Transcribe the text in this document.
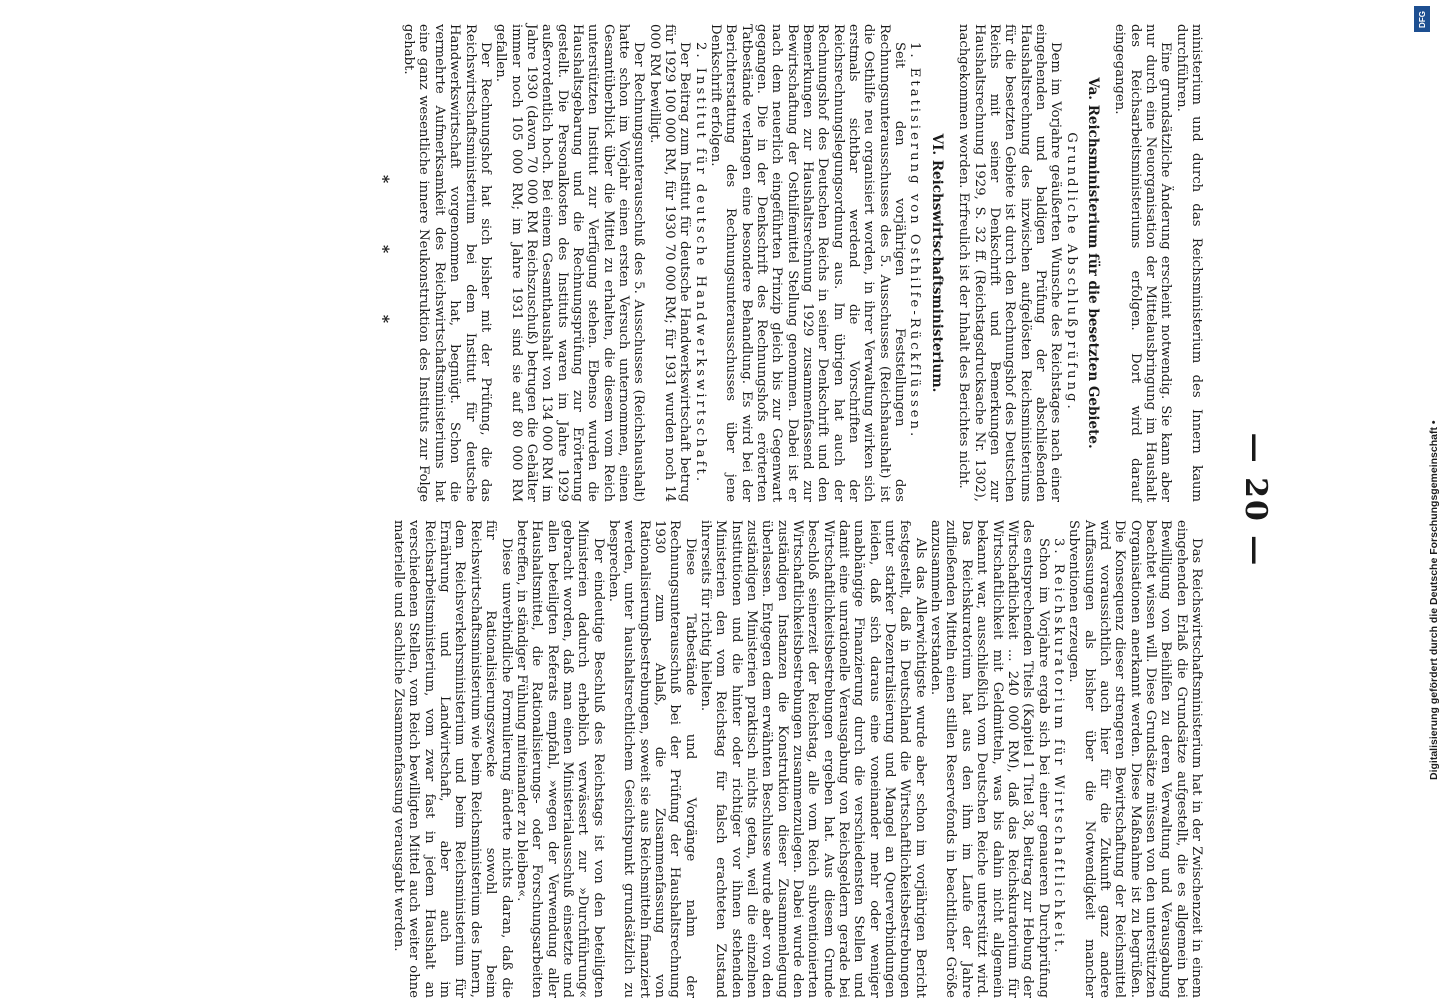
— 20 —

ministerium und durch das Reichsministerium des Innern kaum durchführen.

Eine grundsätzliche Änderung erscheint notwendig. Sie kann aber nur durch eine Neuorganisation der Mittelausbringung im Haushalt des Reichsarbeitsministeriums erfolgen. Dort wird darauf eingegangen.

Va. Reichsministerium für die besetzten Gebiete.

Grundliche Abschlußprüfung.

Dem im Vorjahre geäußerten Wunsche des Reichstages nach einer eingehenden und baldigen Prüfung der abschließenden Haushaltsrechnung des inzwischen aufgelösten Reichsministeriums für die besetzten Gebiete ist durch den Rechnungshof des Deutschen Reichs mit seiner Denkschrift und Bemerkungen zur Haushaltsrechnung 1929, S. 32 ff. (Reichstagsdrucksache Nr. 1302), nachgekommen worden. Erfreulich ist der Inhalt des Berichtes nicht.

VI. Reichswirtschaftsministerium.

1. Etatisierung von Osthilfe-Rückflüssen.

Seit den vorjährigen Feststellungen des Rechnungsunterausschusses des 5. Ausschusses (Reichshaushalt) ist die Osthilfe neu organisiert worden, in ihrer Verwaltung wirken sich erstmals sichtbar werdend die Vorschriften der Reichsrechnungslegungsordnung aus. Im übrigen hat auch der Rechnungshof des Deutschen Reichs in seiner Denkschrift und den Bemerkungen zur Haushaltsrechnung 1929 zusammenfassend zur Bewirtschaftung der Osthilfemittel Stellung genommen. Dabei ist er nach dem neuerlich eingeführten Prinzip gleich bis zur Gegenwart gegangen. Die in der Denkschrift des Rechnungshofs erörterten Tatbestände verlangen eine besondere Behandlung. Es wird bei der Berichterstattung des Rechnungsunterausschusses über jene Denkschrift erfolgen.

2. Institut für deutsche Handwerkswirtschaft.

Der Beitrag zum Institut für deutsche Handwerkswirtschaft betrug für 1929 100 000 RM, für 1930 70 000 RM; für 1931 wurden noch 14 000 RM bewilligt.

Der Rechnungsunterausschuß des 5. Ausschusses (Reichshaushalt) hatte schon im Vorjahr einen ersten Versuch unternommen, einen Gesamtüberblick über die Mittel zu erhalten, die diesem vom Reich unterstützten Institut zur Verfügung stehen. Ebenso wurden die Haushaltsgebarung und die Rechnungsprüfung zur Erörterung gestellt. Die Personalkosten des Instituts waren im Jahre 1929 außerordentlich hoch. Bei einem Gesamthaushalt von 134 000 RM im Jahre 1930 (davon 70 000 RM Reichszuschuß) betrugen die Gehälter immer noch 105 000 RM; im Jahre 1931 sind sie auf 80 000 RM gefallen.

Der Rechnungshof hat sich bisher mit der Prüfung, die das Reichswirtschaftsministerium bei dem Institut für deutsche Handwerkswirtschaft vorgenommen hat, begnügt. Schon die vermehrte Aufmerksamkeit des Reichswirtschaftsministeriums hat eine ganz wesentliche innere Neukonstruktion des Instituts zur Folge gehabt.

* * *

Das Reichswirtschaftsministerium hat in der Zwischenzeit in einem eingehenden Erlaß die Grundsätze aufgestellt, die es allgemein bei Bewilligung von Beihilfen zu deren Verwaltung und Verausgabung beachtet wissen will. Diese Grundsätze müssen von den unterstützten Organisationen anerkannt werden. Diese Maßnahme ist zu begrüßen. Die Konsequenz dieser strengeren Bewirtschaftung der Reichsmittel wird voraussichtlich auch hier für die Zukunft ganz andere Auffassungen als bisher über die Notwendigkeit mancher Subventionen erzeugen.

3. Reichskuratorium für Wirtschaftlichkeit.

Schon im Vorjahre ergab sich bei einer genaueren Durchprüfung des entsprechenden Titels (Kapitel 1 Titel 38, Beitrag zur Hebung der Wirtschaftlichkeit ... 240 000 RM), daß das Reichskuratorium für Wirtschaftlichkeit mit Geldmitteln, was bis dahin nicht allgemein bekannt war, ausschließlich vom Deutschen Reiche unterstützt wird. Das Reichskuratorium hat aus den ihm im Laufe der Jahre zufließenden Mitteln einen stillen Reservefonds in beachtlicher Größe anzusammeln verstanden.

Als das Allerwichtigste wurde aber schon im vorjährigen Bericht festgestellt, daß in Deutschland die Wirtschaftlichkeitsbestrebungen unter starker Dezentralisierung und Mangel an Querverbindungen leiden, daß sich daraus eine voneinander mehr oder weniger unabhängige Finanzierung durch die verschiedensten Stellen und damit eine unrationelle Verausgabung von Reichsgeldern gerade bei Wirtschaftlichkeitsbestrebungen ergeben hat. Aus diesem Grunde beschloß seinerzeit der Reichstag, alle vom Reich subventionierten Wirtschaftlichkeitsbestrebungen zusammenzulegen. Dabei wurde den zuständigen Instanzen die Konstruktion dieser Zusammenlegung überlassen. Entgegen dem erwähnten Beschlusse wurde aber von den zuständigen Ministerien praktisch nichts getan, weil die einzelnen Institutionen und die hinter oder richtiger vor ihnen stehenden Ministerien den vom Reichstag für falsch erachteten Zustand ihrerseits für richtig hielten.

Diese Tatbestände und Vorgänge nahm der Rechnungsunterausschuß bei der Prüfung der Haushaltsrechnung 1930 zum Anlaß, die Zusammenfassung von Rationalisierungsbestrebungen, soweit sie aus Reichsmitteln finanziert werden, unter haushaltsrechtlichem Gesichtspunkt grundsätzlich zu besprechen.

Der eindeutige Beschluß des Reichstags ist von den beteiligten Ministerien dadurch erheblich verwässert zur »Durchführung« gebracht worden, daß man einen Ministerialausschuß einsetzte und allen beteiligten Referats empfahl, »wegen der Verwendung aller Haushaltsmittel, die Rationalisierungs- oder Forschungsarbeiten betreffen, in ständiger Fühlung miteinander zu bleiben«.

Diese unverbindliche Formulierung änderte nichts daran, daß die für Rationalisierungszwecke sowohl beim Reichswirtschaftsministerium wie beim Reichsministerium des Innern, dem Reichsverkehrsministerium und beim Reichsministerium für Ernährung und Landwirtschaft, aber auch im Reichsarbeitsministerium, vom zwar fast in jedem Haushalt an verschiedenen Stellen, vom Reich bewilligten Mittel auch weiter ohne materielle und sachliche Zusammenfassung verausgabt werden.

DFG
Digitalisierung gefördert durch die Deutsche Forschungsgemeinschaft •
